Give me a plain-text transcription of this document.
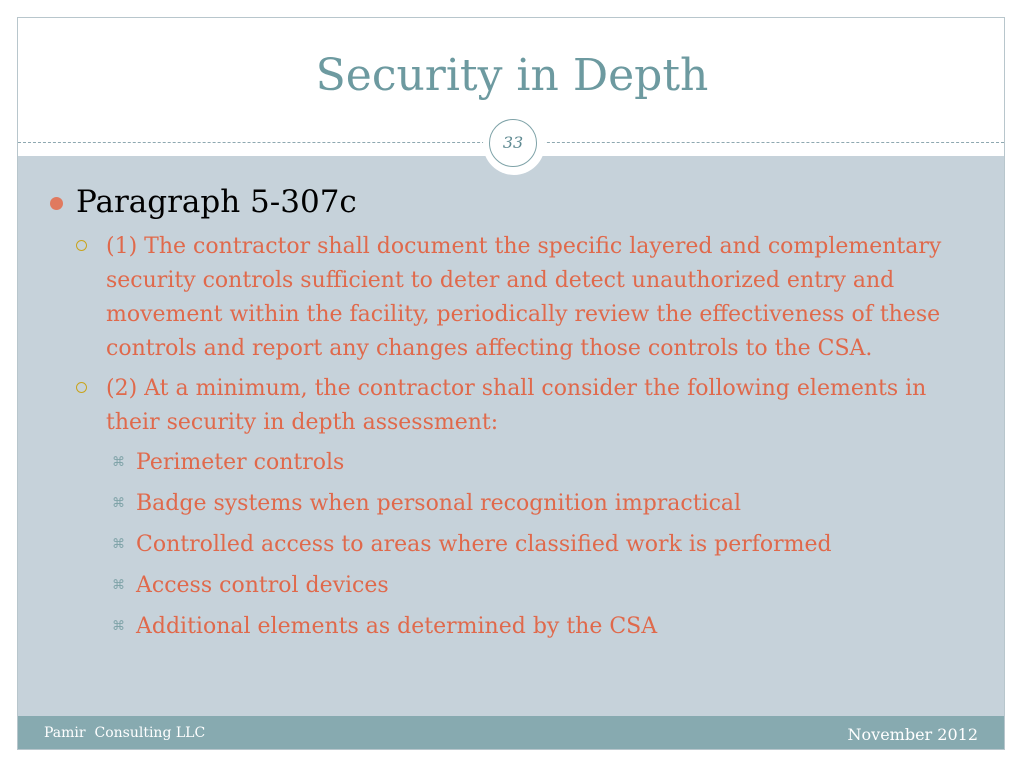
Security in Depth
33
Paragraph 5-307c
(1) The contractor shall document the specific layered and complementary security controls sufficient to deter and detect unauthorized entry and movement within the facility, periodically review the effectiveness of these controls and report any changes affecting those controls to the CSA.
(2) At a minimum, the contractor shall consider the following elements in their security in depth assessment:
⌘ Perimeter controls
⌘ Badge systems when personal recognition impractical
⌘ Controlled access to areas where classified work is performed
⌘ Access control devices
⌘ Additional elements as determined by the CSA
Pamir  Consulting LLC	November 2012
